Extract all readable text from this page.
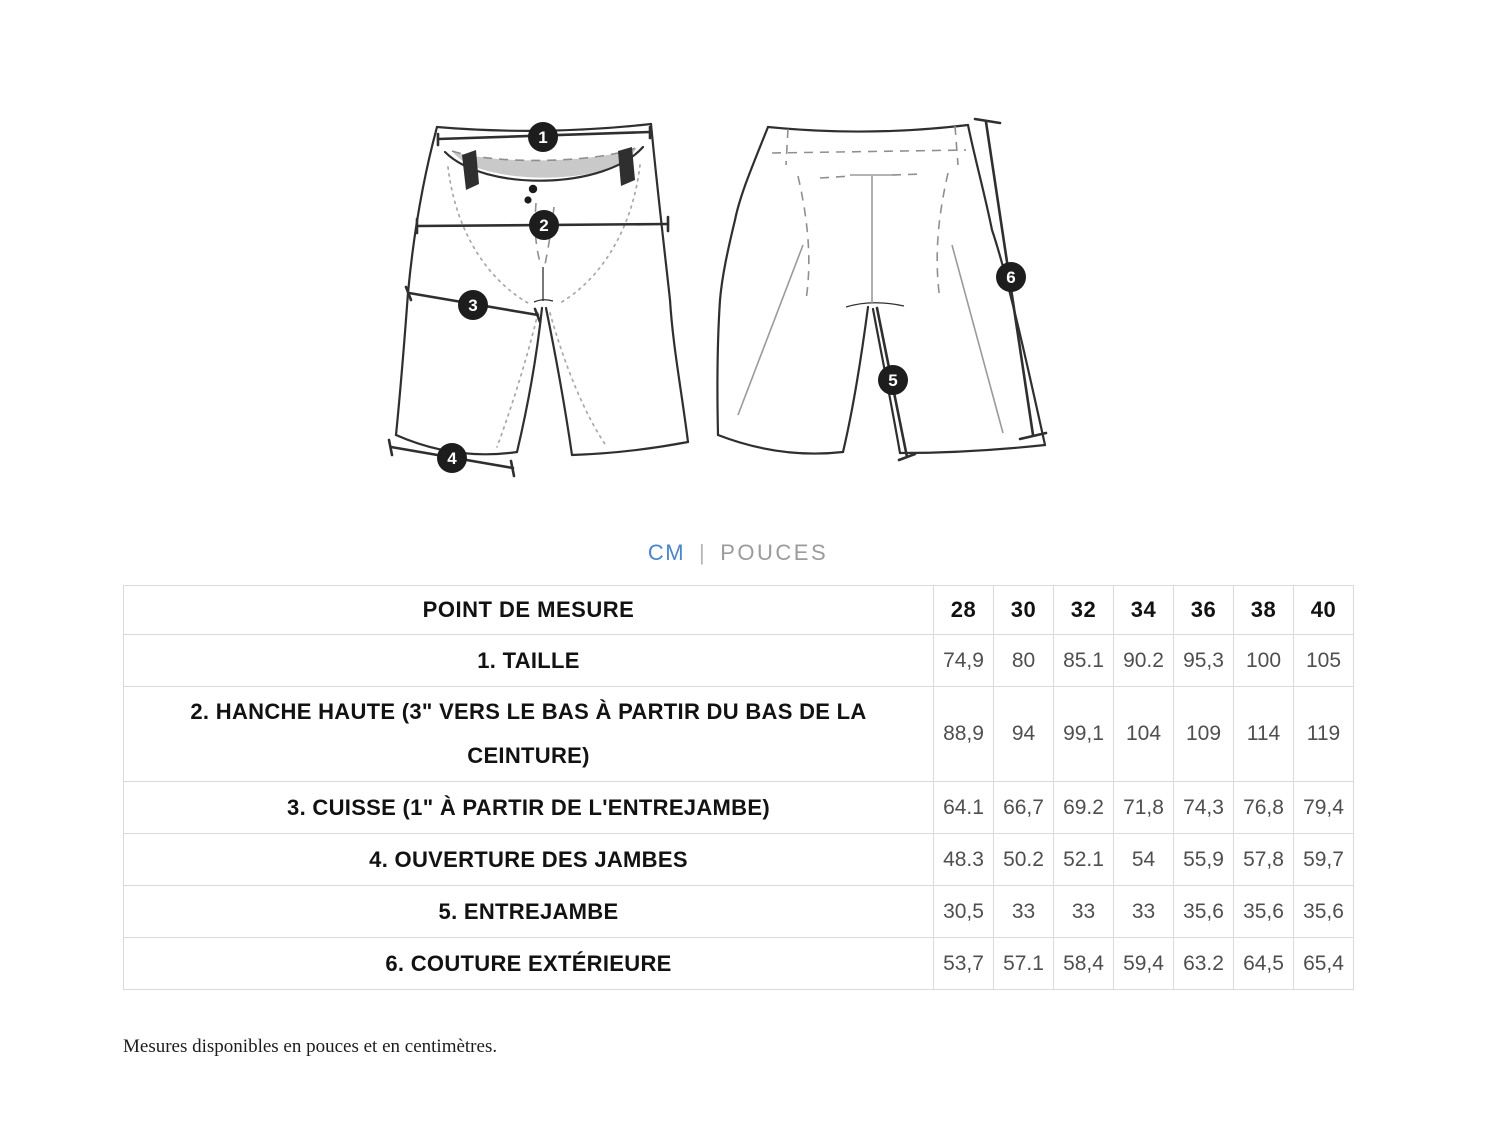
1
2
3
4
5
6
CM | POUCES
POINT DE MESURE	28	30	32	34	36	38	40
1. TAILLE	74,9	80	85.1	90.2	95,3	100	105
2. HANCHE HAUTE (3" VERS LE BAS À PARTIR DU BAS DE LA CEINTURE)	88,9	94	99,1	104	109	114	119
3. CUISSE (1" À PARTIR DE L'ENTREJAMBE)	64.1	66,7	69.2	71,8	74,3	76,8	79,4
4. OUVERTURE DES JAMBES	48.3	50.2	52.1	54	55,9	57,8	59,7
5. ENTREJAMBE	30,5	33	33	33	35,6	35,6	35,6
6. COUTURE EXTÉRIEURE	53,7	57.1	58,4	59,4	63.2	64,5	65,4
Mesures disponibles en pouces et en centimètres.
